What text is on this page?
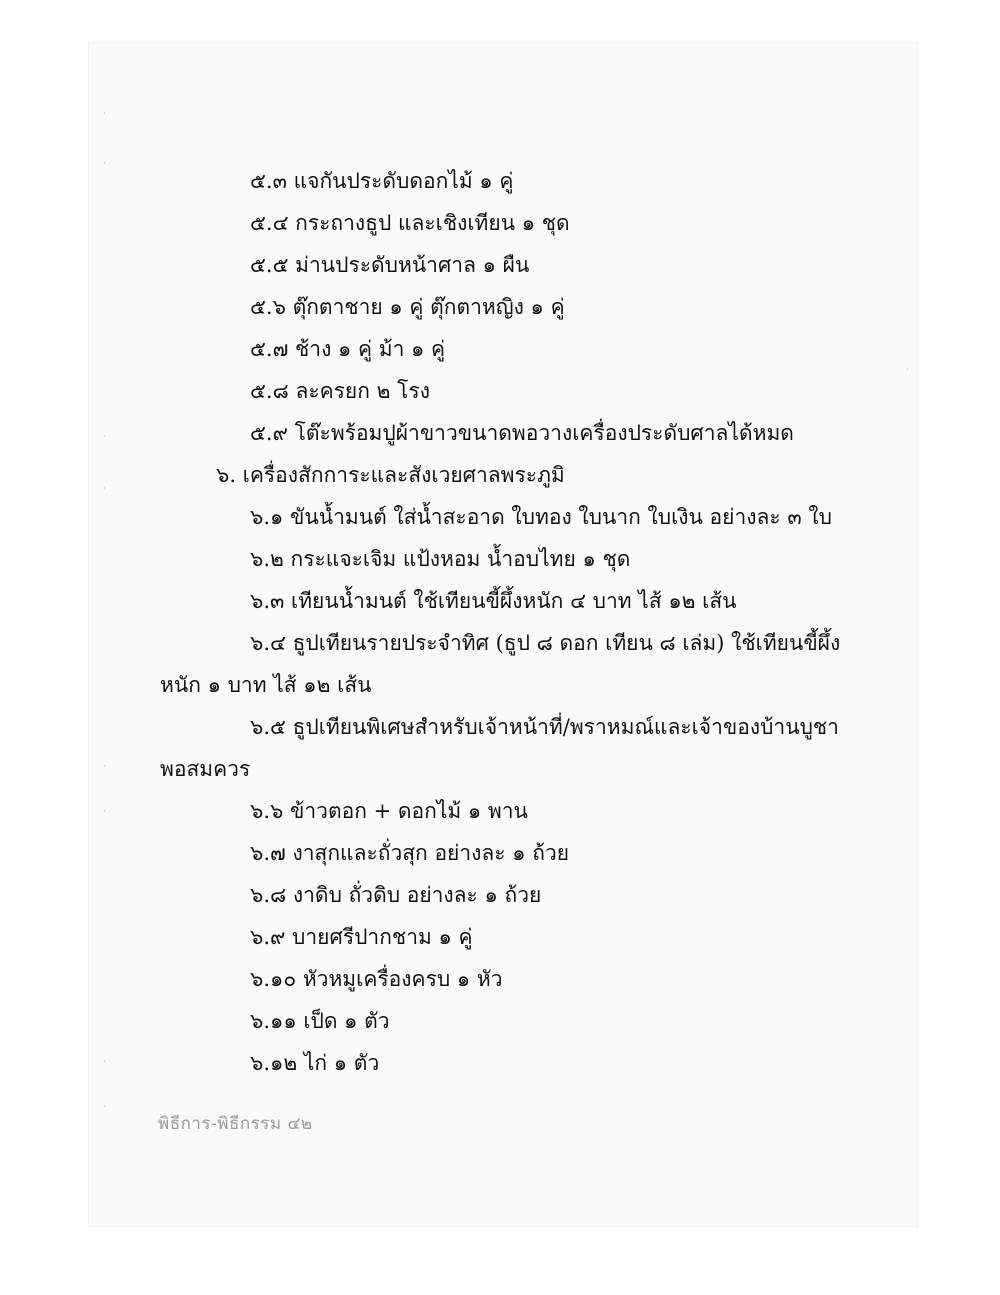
˙
˙
˙
˙
˙
˙
˙
˙
˙
๕.๓ แจกันประดับดอกไม้ ๑ คู่
๕.๔ กระถางธูป และเชิงเทียน ๑ ชุด
๕.๕ ม่านประดับหน้าศาล ๑ ผืน
๕.๖ ตุ๊กตาชาย ๑ คู่ ตุ๊กตาหญิง ๑ คู่
๕.๗ ช้าง ๑ คู่ ม้า ๑ คู่
๕.๘ ละครยก ๒ โรง
๕.๙ โต๊ะพร้อมปูผ้าขาวขนาดพอวางเครื่องประดับศาลได้หมด
๖. เครื่องสักการะและสังเวยศาลพระภูมิ
๖.๑ ขันน้ำมนต์ ใส่น้ำสะอาด ใบทอง ใบนาก ใบเงิน อย่างละ ๓ ใบ
๖.๒ กระแจะเจิม แป้งหอม น้ำอบไทย ๑ ชุด
๖.๓ เทียนน้ำมนต์ ใช้เทียนขี้ผึ้งหนัก ๔ บาท ไส้ ๑๒ เส้น
๖.๔ ธูปเทียนรายประจำทิศ (ธูป ๘ ดอก เทียน ๘ เล่ม) ใช้เทียนขี้ผึ้ง
หนัก ๑ บาท ไส้ ๑๒ เส้น
๖.๕ ธูปเทียนพิเศษสำหรับเจ้าหน้าที่/พราหมณ์และเจ้าของบ้านบูชา
พอสมควร
๖.๖ ข้าวตอก + ดอกไม้ ๑ พาน
๖.๗ งาสุกและถั่วสุก อย่างละ ๑ ถ้วย
๖.๘ งาดิบ ถั่วดิบ อย่างละ ๑ ถ้วย
๖.๙ บายศรีปากชาม ๑ คู่
๖.๑๐ หัวหมูเครื่องครบ ๑ หัว
๖.๑๑ เป็ด ๑ ตัว
๖.๑๒ ไก่ ๑ ตัว
พิธีการ-พิธีกรรม ๔๒
